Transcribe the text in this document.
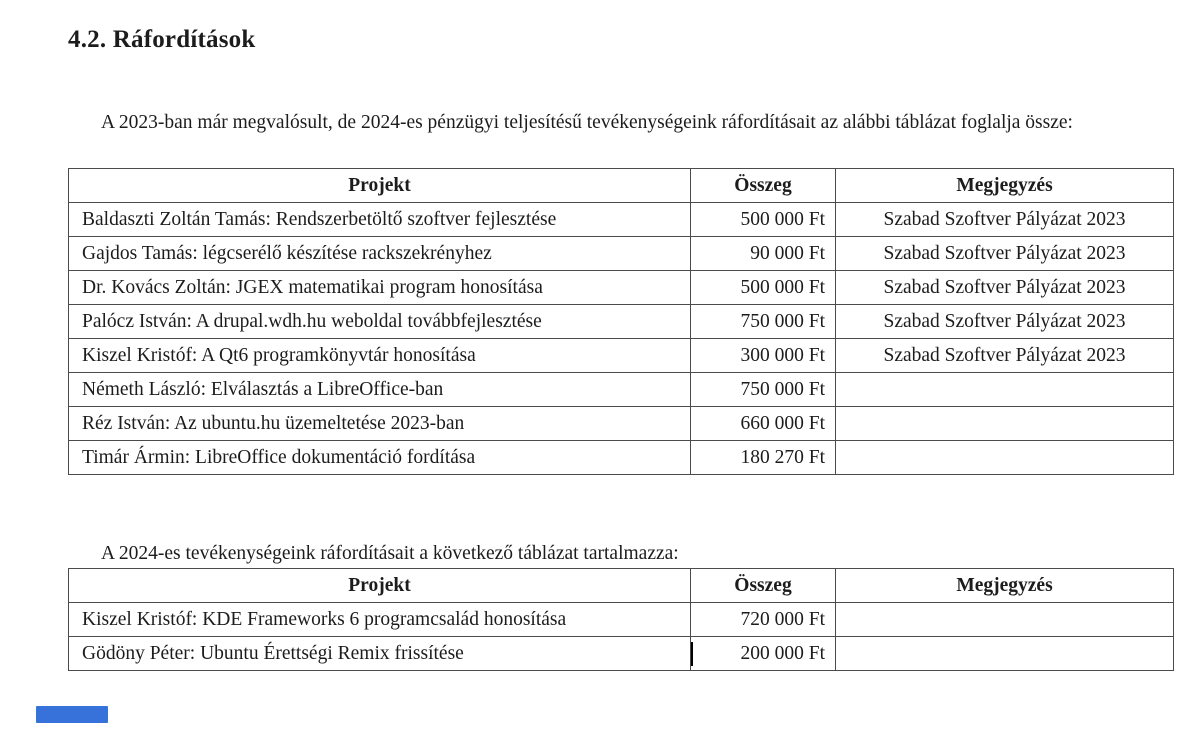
4.2. Ráfordítások

A 2023-ban már megvalósult, de 2024-es pénzügyi teljesítésű tevékenységeink ráfordításait az alábbi táblázat foglalja össze:

Projekt	Összeg	Megjegyzés
Baldaszti Zoltán Tamás: Rendszerbetöltő szoftver fejlesztése	500 000 Ft	Szabad Szoftver Pályázat 2023
Gajdos Tamás: légcserélő készítése rackszekrényhez	90 000 Ft	Szabad Szoftver Pályázat 2023
Dr. Kovács Zoltán: JGEX matematikai program honosítása	500 000 Ft	Szabad Szoftver Pályázat 2023
Palócz István: A drupal.wdh.hu weboldal továbbfejlesztése	750 000 Ft	Szabad Szoftver Pályázat 2023
Kiszel Kristóf: A Qt6 programkönyvtár honosítása	300 000 Ft	Szabad Szoftver Pályázat 2023
Németh László: Elválasztás a LibreOffice-ban	750 000 Ft	
Réz István: Az ubuntu.hu üzemeltetése 2023-ban	660 000 Ft	
Timár Ármin: LibreOffice dokumentáció fordítása	180 270 Ft	

A 2024-es tevékenységeink ráfordításait a következő táblázat tartalmazza:

Projekt	Összeg	Megjegyzés
Kiszel Kristóf: KDE Frameworks 6 programcsalád honosítása	720 000 Ft	
Gödöny Péter: Ubuntu Érettségi Remix frissítése	200 000 Ft	
